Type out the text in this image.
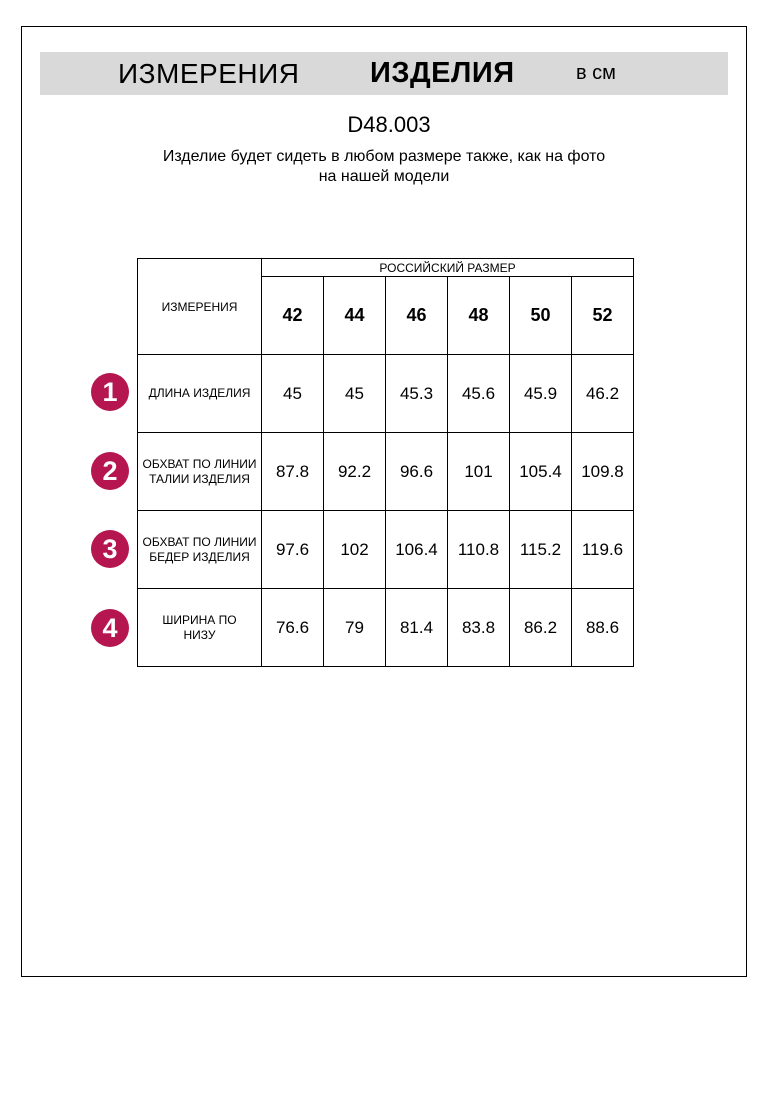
ИЗМЕРЕНИЯ ИЗДЕЛИЯ	в см
D48.003
Изделие будет сидеть в любом размере также, как на фото
на нашей модели
ИЗМЕРЕНИЯ	РОССИЙСКИЙ РАЗМЕР					
	42	44	46	48	50	52
ДЛИНА ИЗДЕЛИЯ	45	45	45.3	45.6	45.9	46.2
ОБХВАТ ПО ЛИНИИ ТАЛИИ ИЗДЕЛИЯ	87.8	92.2	96.6	101	105.4	109.8
ОБХВАТ ПО ЛИНИИ БЕДЕР ИЗДЕЛИЯ	97.6	102	106.4	110.8	115.2	119.6
ШИРИНА ПО НИЗУ	76.6	79	81.4	83.8	86.2	88.6
1
2
3
4
